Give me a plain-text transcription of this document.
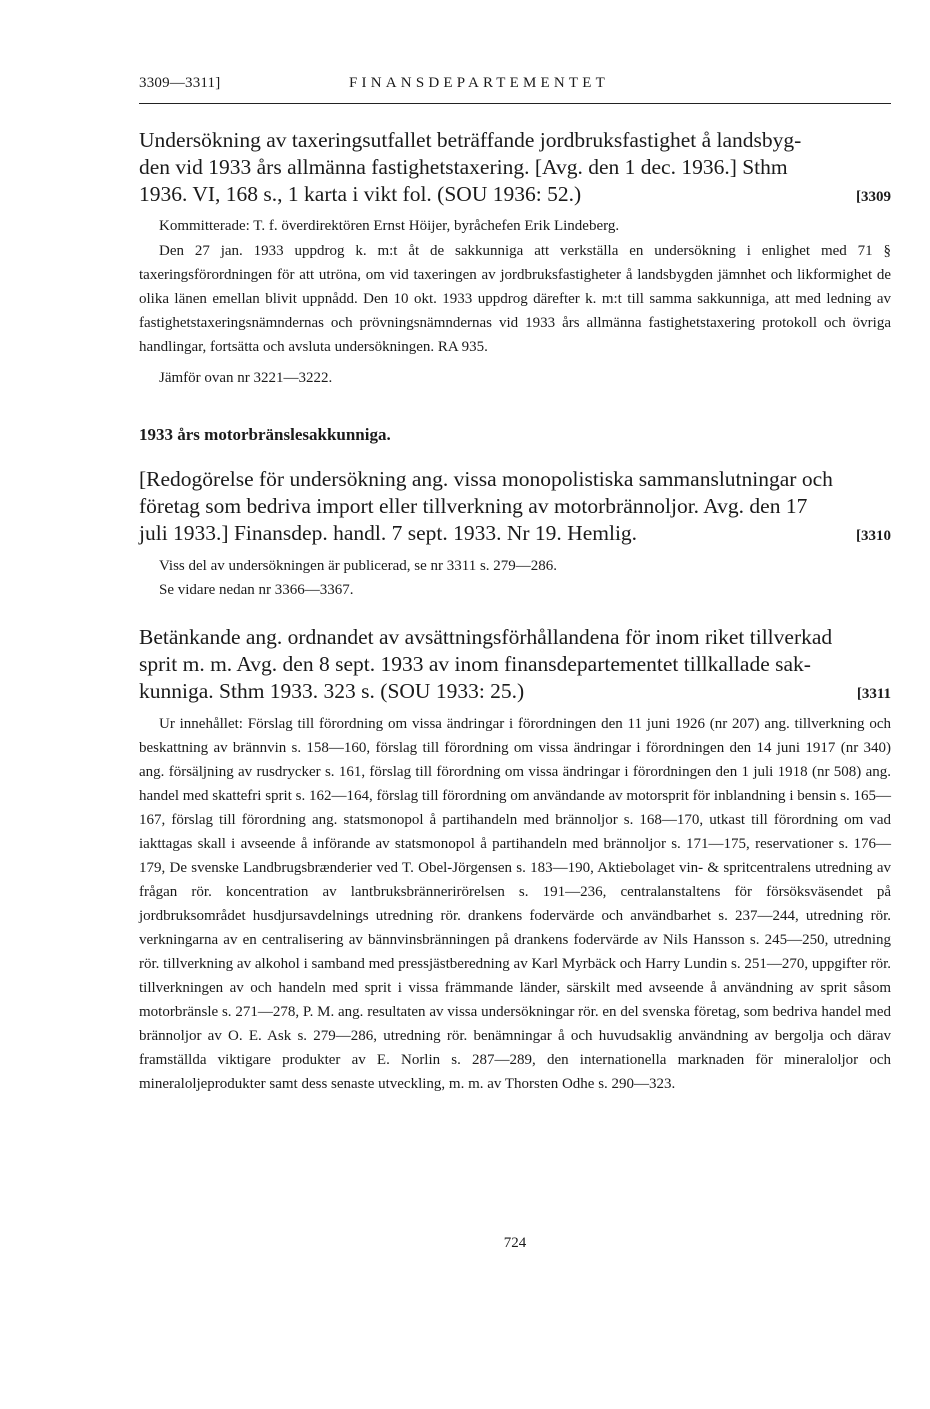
3309—3311]	FINANSDEPARTEMENTET
Undersökning av taxeringsutfallet beträffande jordbruksfastighet å landsbyg-
den vid 1933 års allmänna fastighetstaxering. [Avg. den 1 dec. 1936.] Sthm
1936. VI, 168 s., 1 karta i vikt fol. (SOU 1936: 52.)	[3309

Kommitterade: T. f. överdirektören Ernst Höijer, byråchefen Erik Lindeberg.

Den 27 jan. 1933 uppdrog k. m:t åt de sakkunniga att verkställa en undersökning i enlighet med 71 § taxeringsförordningen för att utröna, om vid taxeringen av jordbruksfastigheter å landsbygden jämnhet och likformighet de olika länen emellan blivit uppnådd. Den 10 okt. 1933 uppdrog därefter k. m:t till samma sakkunniga, att med ledning av fastighetstaxeringsnämndernas och prövningsnämndernas vid 1933 års allmänna fastighetstaxering protokoll och övriga handlingar, fortsätta och avsluta undersökningen. RA 935.

Jämför ovan nr 3221—3222.

1933 års motorbränslesakkunniga.
[Redogörelse för undersökning ang. vissa monopolistiska sammanslutningar och
företag som bedriva import eller tillverkning av motorbrännoljor. Avg. den 17
juli 1933.] Finansdep. handl. 7 sept. 1933. Nr 19. Hemlig.	[3310

Viss del av undersökningen är publicerad, se nr 3311 s. 279—286.

Se vidare nedan nr 3366—3367.

Betänkande ang. ordnandet av avsättningsförhållandena för inom riket tillverkad
sprit m. m. Avg. den 8 sept. 1933 av inom finansdepartementet tillkallade sak-
kunniga. Sthm 1933. 323 s. (SOU 1933: 25.)	[3311

Ur innehållet: Förslag till förordning om vissa ändringar i förordningen den 11 juni 1926 (nr 207) ang. tillverkning och beskattning av brännvin s. 158—160, förslag till förordning om vissa ändringar i förordningen den 14 juni 1917 (nr 340) ang. försäljning av rusdrycker s. 161, förslag till förordning om vissa ändringar i förordningen den 1 juli 1918 (nr 508) ang. handel med skattefri sprit s. 162—164, förslag till förordning om användande av motorsprit för inblandning i bensin s. 165—167, förslag till förordning ang. statsmonopol å partihandeln med brännoljor s. 168—170, utkast till förordning om vad iakttagas skall i avseende å införande av statsmonopol å partihandeln med brännoljor s. 171—175, reservationer s. 176—179, De svenske Landbrugsbrænderier ved T. Obel-Jörgensen s. 183—190, Aktiebolaget vin- & spritcentralens utredning av frågan rör. koncentration av lantbruksbrännerirörelsen s. 191—236, centralanstaltens för försöksväsendet på jordbruksområdet husdjursavdelnings utredning rör. drankens fodervärde och användbarhet s. 237—244, utredning rör. verkningarna av en centralisering av bännvinsbränningen på drankens fodervärde av Nils Hansson s. 245—250, utredning rör. tillverkning av alkohol i samband med pressjästberedning av Karl Myrbäck och Harry Lundin s. 251—270, uppgifter rör. tillverkningen av och handeln med sprit i vissa främmande länder, särskilt med avseende å användning av sprit såsom motorbränsle s. 271—278, P. M. ang. resultaten av vissa undersökningar rör. en del svenska företag, som bedriva handel med brännoljor av O. E. Ask s. 279—286, utredning rör. benämningar å och huvudsaklig användning av bergolja och därav framställda viktigare produkter av E. Norlin s. 287—289, den internationella marknaden för mineraloljor och mineraloljeprodukter samt dess senaste utveckling, m. m. av Thorsten Odhe s. 290—323.

724
